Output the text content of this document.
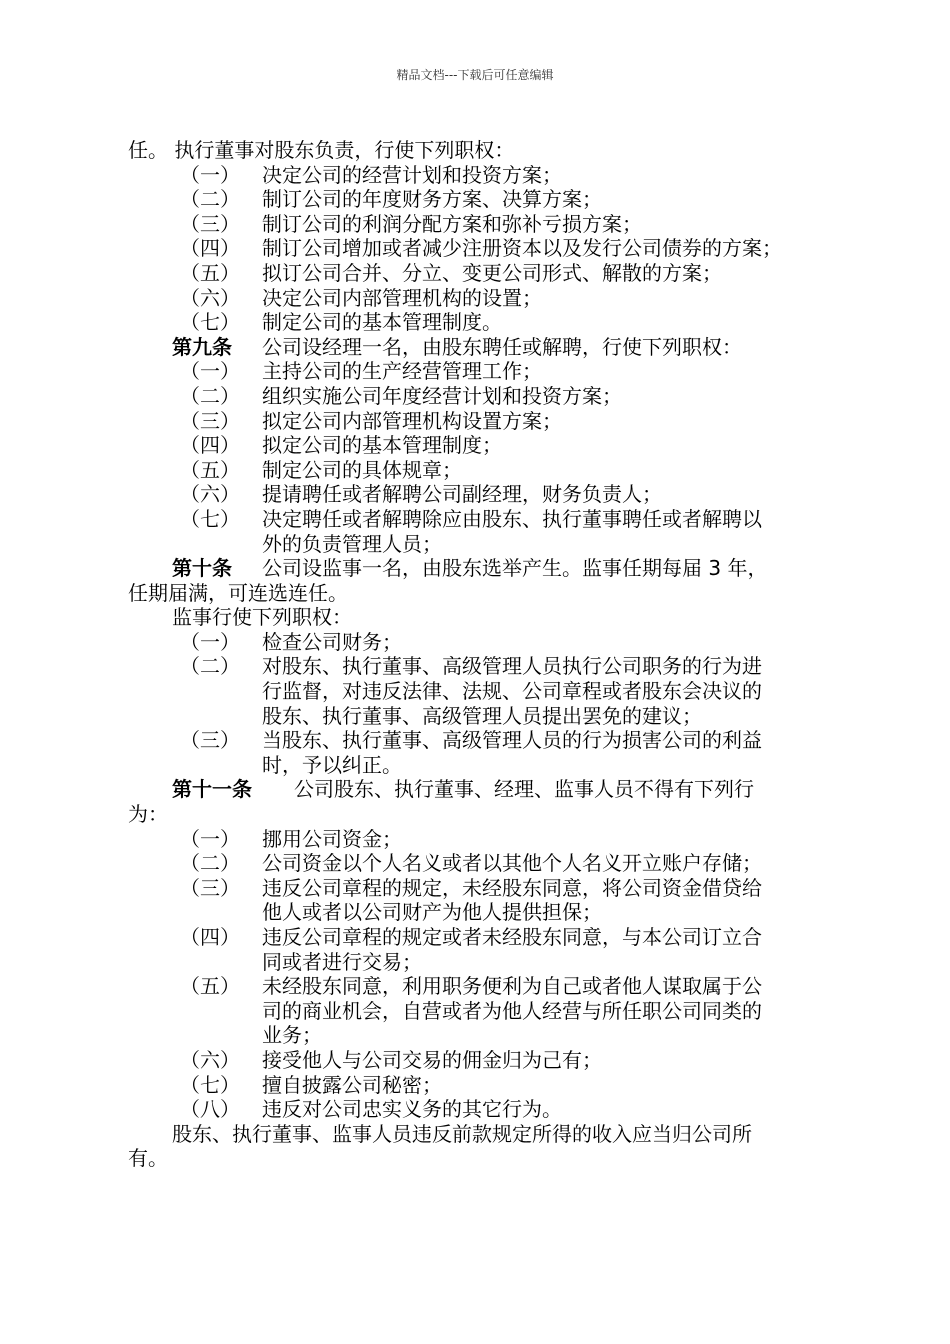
精品文档---下载后可任意编辑
任。 执行董事对股东负责，行使下列职权：
（一） 决定公司的经营计划和投资方案；
（二） 制订公司的年度财务方案、决算方案；
（三） 制订公司的利润分配方案和弥补亏损方案；
（四） 制订公司增加或者减少注册资本以及发行公司债券的方案；
（五） 拟订公司合并、分立、变更公司形式、解散的方案；
（六） 决定公司内部管理机构的设置；
（七） 制定公司的基本管理制度。
第九条 公司设经理一名，由股东聘任或解聘，行使下列职权：
（一） 主持公司的生产经营管理工作；
（二） 组织实施公司年度经营计划和投资方案；
（三） 拟定公司内部管理机构设置方案；
（四） 拟定公司的基本管理制度；
（五） 制定公司的具体规章；
（六） 提请聘任或者解聘公司副经理，财务负责人；
（七） 决定聘任或者解聘除应由股东、执行董事聘任或者解聘以
外的负责管理人员；
第十条 公司设监事一名，由股东选举产生。监事任期每届 3 年，
任期届满，可连选连任。
监事行使下列职权：
（一） 检查公司财务；
（二） 对股东、执行董事、高级管理人员执行公司职务的行为进
行监督，对违反法律、法规、公司章程或者股东会决议的
股东、执行董事、高级管理人员提出罢免的建议；
（三） 当股东、执行董事、高级管理人员的行为损害公司的利益
时，予以纠正。
第十一条 公司股东、执行董事、经理、监事人员不得有下列行
为：
（一） 挪用公司资金；
（二） 公司资金以个人名义或者以其他个人名义开立账户存储；
（三） 违反公司章程的规定，未经股东同意，将公司资金借贷给
他人或者以公司财产为他人提供担保；
（四） 违反公司章程的规定或者未经股东同意，与本公司订立合
同或者进行交易；
（五） 未经股东同意，利用职务便利为自己或者他人谋取属于公
司的商业机会，自营或者为他人经营与所任职公司同类的
业务；
（六） 接受他人与公司交易的佣金归为己有；
（七） 擅自披露公司秘密；
（八） 违反对公司忠实义务的其它行为。
股东、执行董事、监事人员违反前款规定所得的收入应当归公司所
有。
